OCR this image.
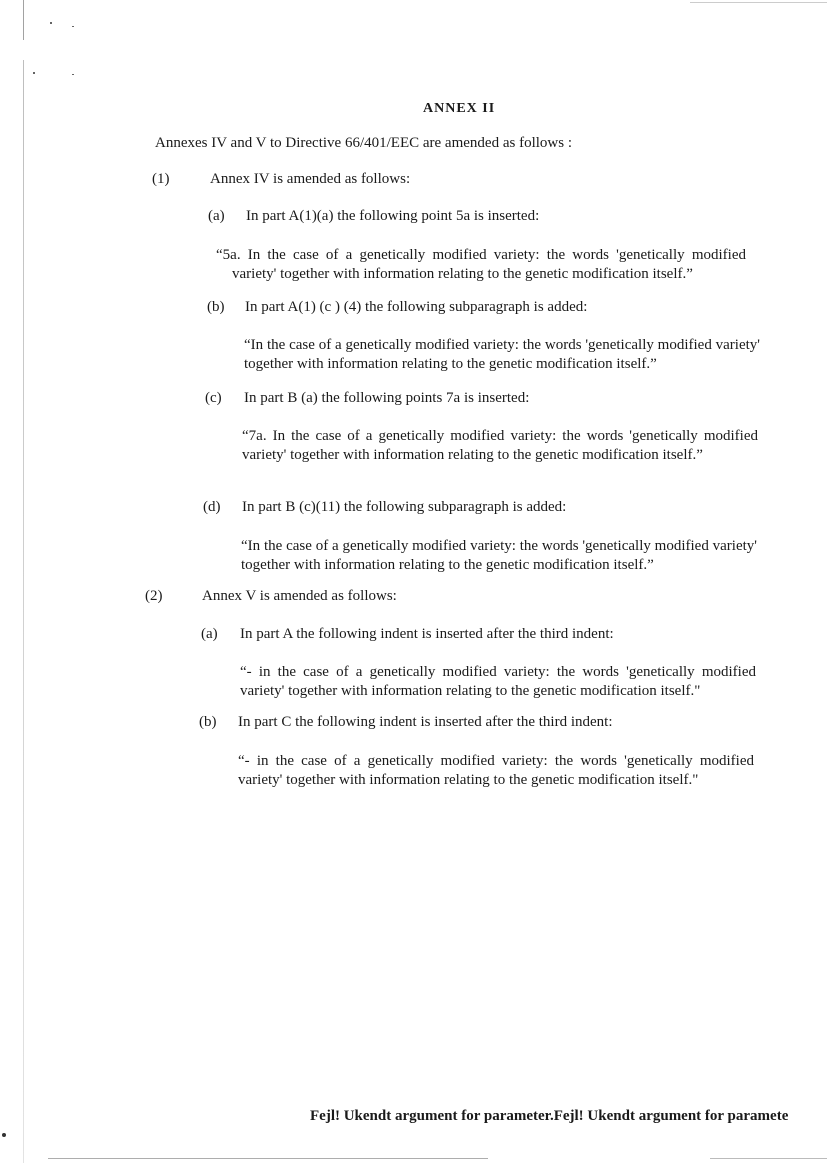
ANNEX II
Annexes IV and V to Directive 66/401/EEC are amended as follows :
(1)	Annex IV is amended as follows:
(a) In part A(1)(a) the following point 5a is inserted:
“5a. In the case of a genetically modified variety: the words 'genetically modified variety' together with information relating to the genetic modification itself.”
(b) In part A(1) (c ) (4) the following subparagraph is added:
“In the case of a genetically modified variety: the words 'genetically modified variety' together with information relating to the genetic modification itself.”
(c) In part B (a) the following points 7a is inserted:
“7a. In the case of a genetically modified variety: the words 'genetically modified variety' together with information relating to the genetic modification itself.”
(d) In part B (c)(11) the following subparagraph is added:
“In the case of a genetically modified variety: the words 'genetically modified variety' together with information relating to the genetic modification itself.”
(2)	Annex V is amended as follows:
(a) In part A the following indent is inserted after the third indent:
“- in the case of a genetically modified variety: the words 'genetically modified variety' together with information relating to the genetic modification itself."
(b) In part C the following indent is inserted after the third indent:
“- in the case of a genetically modified variety: the words 'genetically modified variety' together with information relating to the genetic modification itself."
Fejl! Ukendt argument for parameter.Fejl! Ukendt argument for paramete
